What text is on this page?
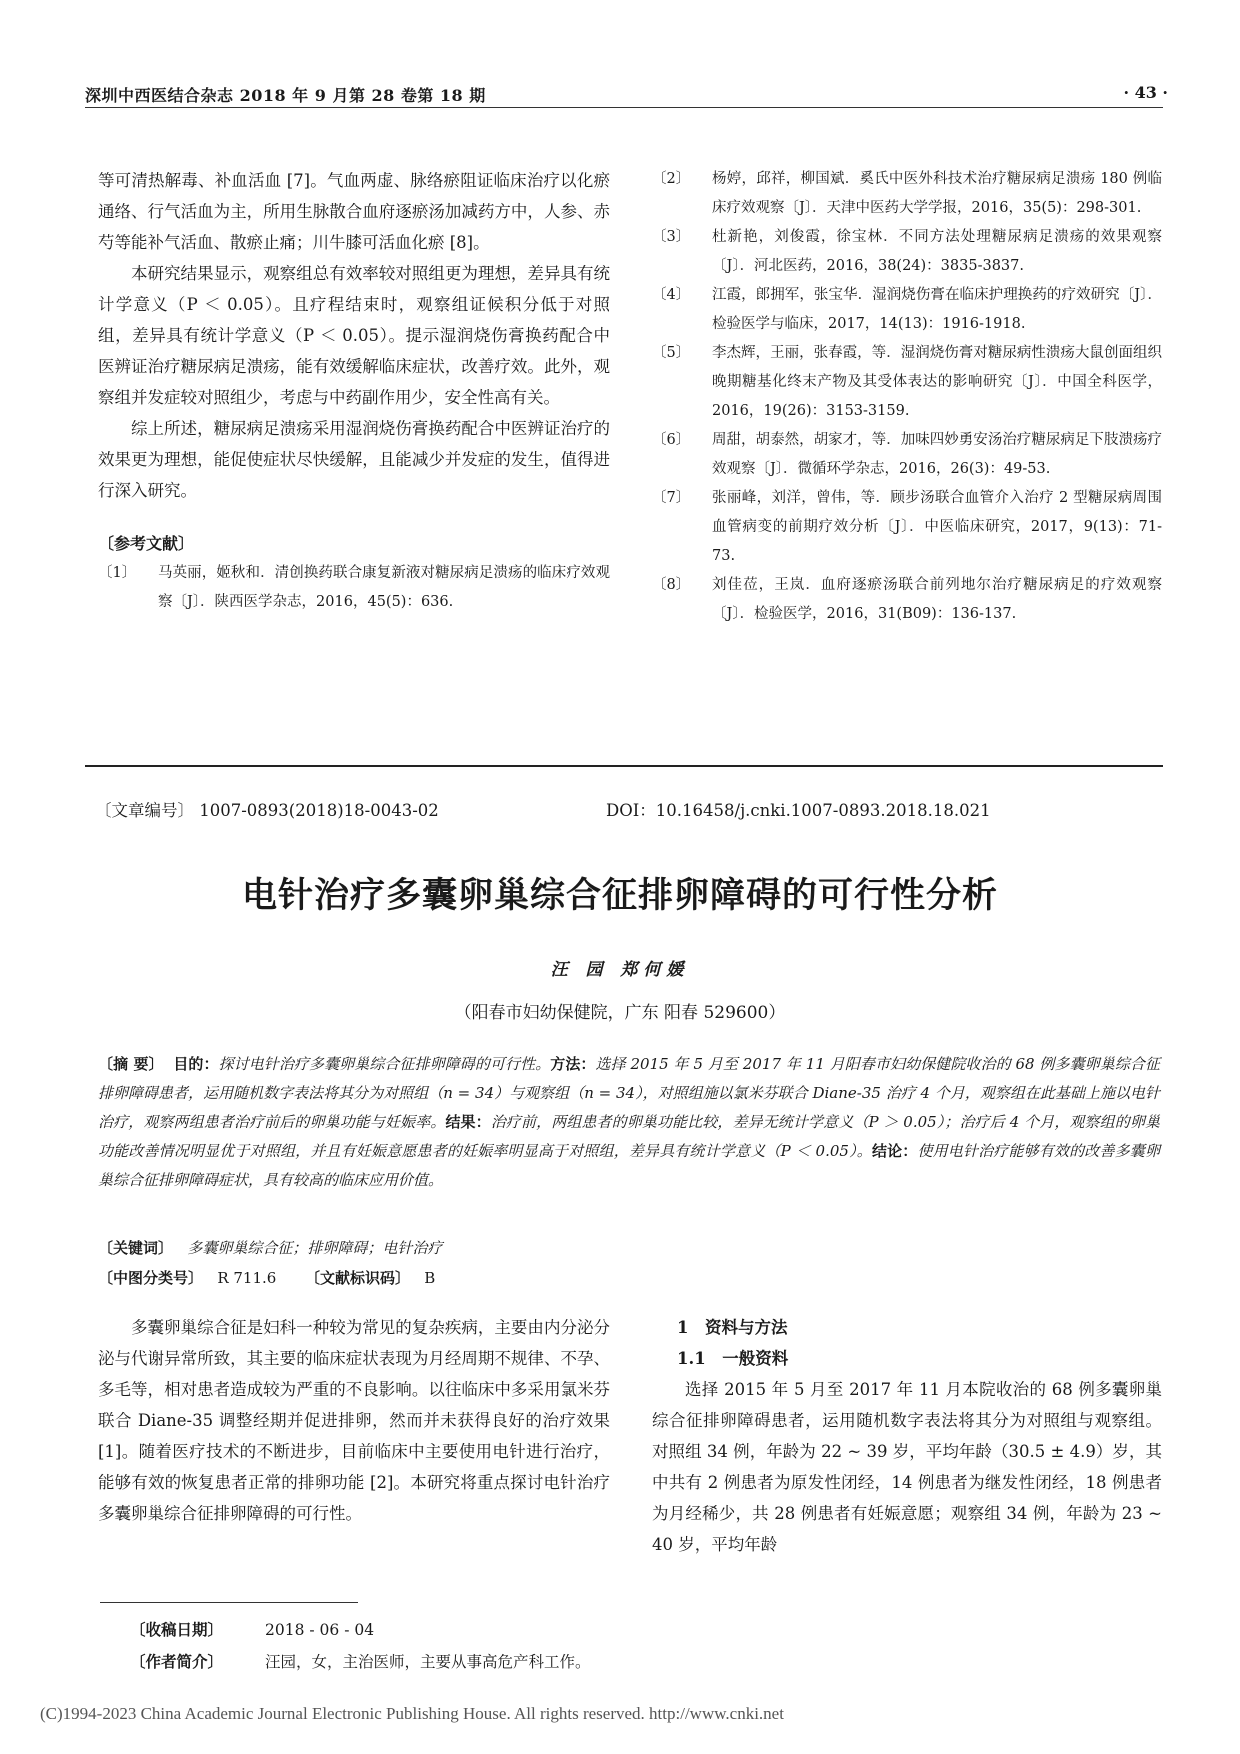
深圳中西医结合杂志 2018 年 9 月第 28 卷第 18 期	· 43 ·

等可清热解毒、补血活血 [7]。气血两虚、脉络瘀阻证临床治疗以化瘀通络、行气活血为主，所用生脉散合血府逐瘀汤加减药方中，人参、赤芍等能补气活血、散瘀止痛；川牛膝可活血化瘀 [8]。

本研究结果显示，观察组总有效率较对照组更为理想，差异具有统计学意义（P ＜ 0.05）。且疗程结束时，观察组证候积分低于对照组，差异具有统计学意义（P ＜ 0.05）。提示湿润烧伤膏换药配合中医辨证治疗糖尿病足溃疡，能有效缓解临床症状，改善疗效。此外，观察组并发症较对照组少，考虑与中药副作用少，安全性高有关。

综上所述，糖尿病足溃疡采用湿润烧伤膏换药配合中医辨证治疗的效果更为理想，能促使症状尽快缓解，且能减少并发症的发生，值得进行深入研究。

〔参考文献〕
〔1〕	马英丽，姬秋和．清创换药联合康复新液对糖尿病足溃疡的临床疗效观察〔J〕．陕西医学杂志，2016，45(5)：636.
〔2〕	杨婷，邱祥，柳国斌．奚氏中医外科技术治疗糖尿病足溃疡 180 例临床疗效观察〔J〕．天津中医药大学学报，2016，35(5)：298-301.
〔3〕	杜新艳，刘俊霞，徐宝林．不同方法处理糖尿病足溃疡的效果观察〔J〕．河北医药，2016，38(24)：3835-3837.
〔4〕	江霞，郎拥军，张宝华．湿润烧伤膏在临床护理换药的疗效研究〔J〕．检验医学与临床，2017，14(13)：1916-1918.
〔5〕	李杰辉，王丽，张春霞，等．湿润烧伤膏对糖尿病性溃疡大鼠创面组织晚期糖基化终末产物及其受体表达的影响研究〔J〕．中国全科医学，2016，19(26)：3153-3159.
〔6〕	周甜，胡泰然，胡家才，等．加味四妙勇安汤治疗糖尿病足下肢溃疡疗效观察〔J〕．微循环学杂志，2016，26(3)：49-53.
〔7〕	张丽峰，刘洋，曾伟，等．顾步汤联合血管介入治疗 2 型糖尿病周围血管病变的前期疗效分析〔J〕．中医临床研究，2017，9(13)：71-73.
〔8〕	刘佳莅，王岚．血府逐瘀汤联合前列地尔治疗糖尿病足的疗效观察〔J〕．检验医学，2016，31(B09)：136-137.
〔文章编号〕 1007-0893(2018)18-0043-02	DOI：10.16458/j.cnki.1007-0893.2018.18.021
电针治疗多囊卵巢综合征排卵障碍的可行性分析
汪 园 郑何媛
（阳春市妇幼保健院，广东 阳春 529600）
〔摘 要〕 目的：探讨电针治疗多囊卵巢综合征排卵障碍的可行性。方法：选择 2015 年 5 月至 2017 年 11 月阳春市妇幼保健院收治的 68 例多囊卵巢综合征排卵障碍患者，运用随机数字表法将其分为对照组（n = 34）与观察组（n = 34），对照组施以氯米芬联合 Diane-35 治疗 4 个月，观察组在此基础上施以电针治疗，观察两组患者治疗前后的卵巢功能与妊娠率。结果：治疗前，两组患者的卵巢功能比较，差异无统计学意义（P ＞ 0.05）；治疗后 4 个月，观察组的卵巢功能改善情况明显优于对照组，并且有妊娠意愿患者的妊娠率明显高于对照组，差异具有统计学意义（P ＜ 0.05）。结论：使用电针治疗能够有效的改善多囊卵巢综合征排卵障碍症状，具有较高的临床应用价值。
〔关键词〕 多囊卵巢综合征；排卵障碍；电针治疗
〔中图分类号〕 R 711.6 〔文献标识码〕 B

多囊卵巢综合征是妇科一种较为常见的复杂疾病，主要由内分泌分泌与代谢异常所致，其主要的临床症状表现为月经周期不规律、不孕、多毛等，相对患者造成较为严重的不良影响。以往临床中多采用氯米芬联合 Diane-35 调整经期并促进排卵，然而并未获得良好的治疗效果 [1]。随着医疗技术的不断进步，目前临床中主要使用电针进行治疗，能够有效的恢复患者正常的排卵功能 [2]。本研究将重点探讨电针治疗多囊卵巢综合征排卵障碍的可行性。

1　资料与方法
1.1　一般资料

选择 2015 年 5 月至 2017 年 11 月本院收治的 68 例多囊卵巢综合征排卵障碍患者，运用随机数字表法将其分为对照组与观察组。对照组 34 例，年龄为 22 ~ 39 岁，平均年龄（30.5 ± 4.9）岁，其中共有 2 例患者为原发性闭经，14 例患者为继发性闭经，18 例患者为月经稀少，共 28 例患者有妊娠意愿；观察组 34 例，年龄为 23 ~ 40 岁，平均年龄

〔收稿日期〕	2018 - 06 - 04
〔作者简介〕	汪园，女，主治医师，主要从事高危产科工作。
(C)1994-2023 China Academic Journal Electronic Publishing House. All rights reserved. http://www.cnki.net
